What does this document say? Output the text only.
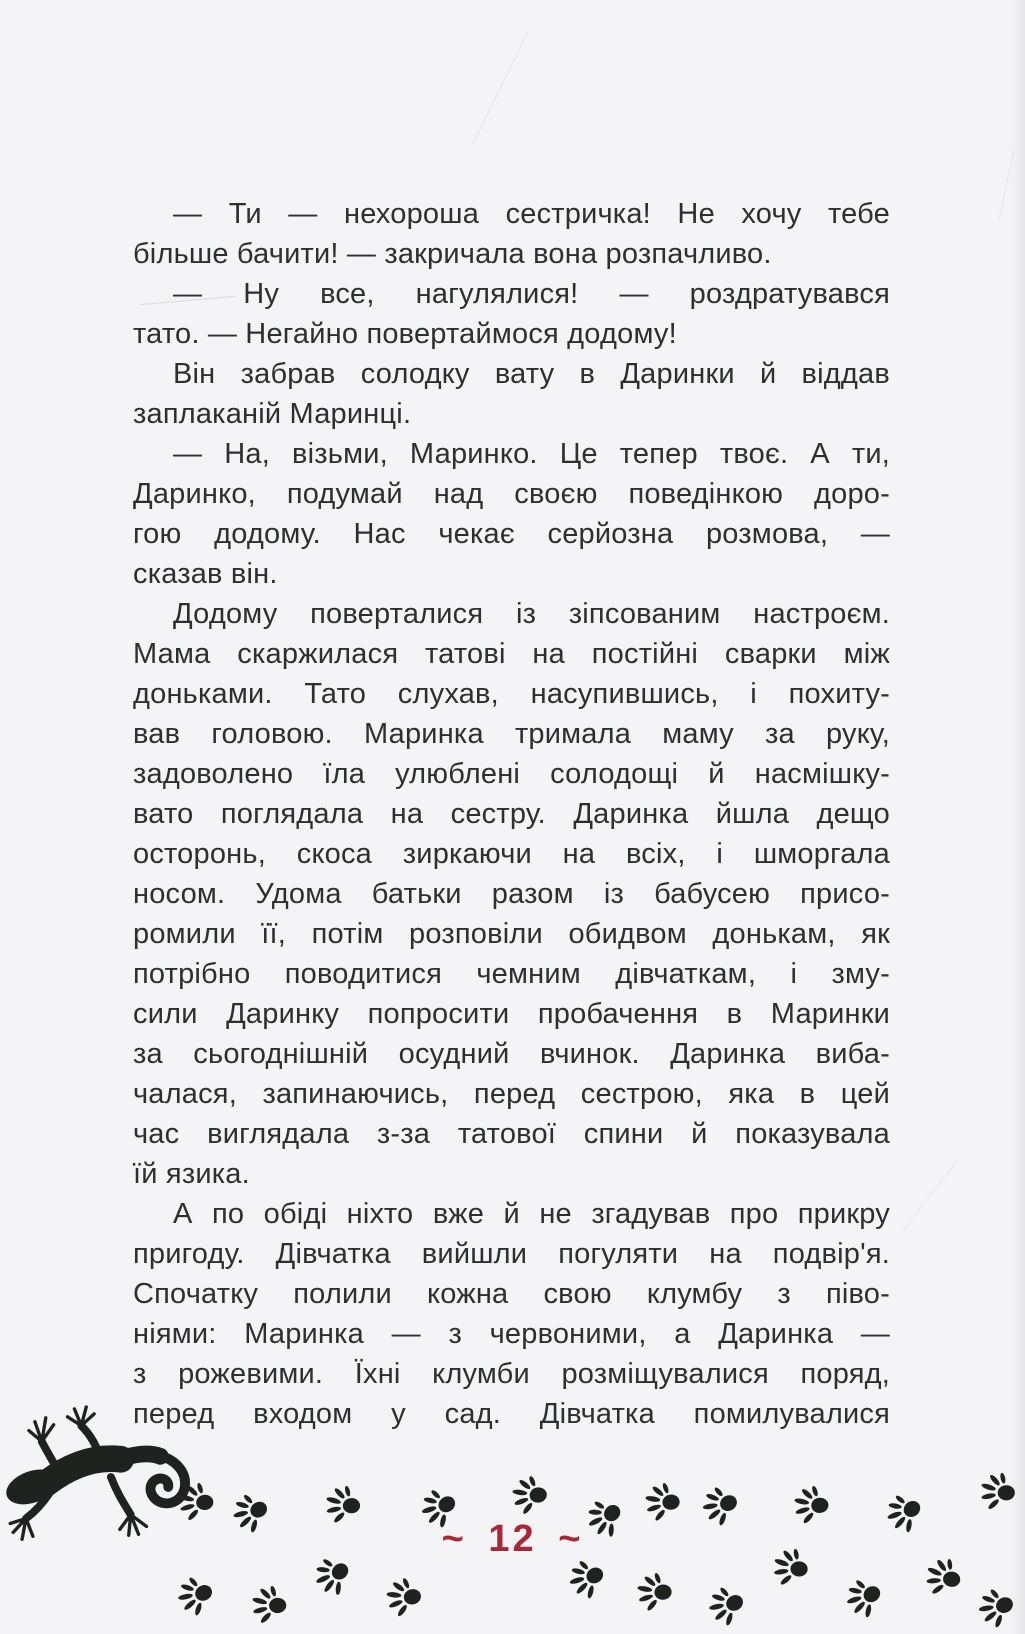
— Ти — нехороша сестричка! Не хочу тебе
більше бачити! — закричала вона розпачливо.
— Ну все, нагулялися! — роздратувався
тато. — Негайно повертаймося додому!
Він забрав солодку вату в Даринки й віддав
заплаканій Маринці.
— На, візьми, Маринко. Це тепер твоє. А ти,
Даринко, подумай над своєю поведінкою доро-
гою додому. Нас чекає серйозна розмова, —
сказав він.
Додому поверталися із зіпсованим настроєм.
Мама скаржилася татові на постійні сварки між
доньками. Тато слухав, насупившись, і похиту-
вав головою. Маринка тримала маму за руку,
задоволено їла улюблені солодощі й насмішку-
вато поглядала на сестру. Даринка йшла дещо
осторонь, скоса зиркаючи на всіх, і шморгала
носом. Удома батьки разом із бабусею присо-
ромили її, потім розповіли обидвом донькам, як
потрібно поводитися чемним дівчаткам, і зму-
сили Даринку попросити пробачення в Маринки
за сьогоднішній осудний вчинок. Даринка виба-
чалася, запинаючись, перед сестрою, яка в цей
час виглядала з-за татової спини й показувала
їй язика.
А по обіді ніхто вже й не згадував про прикру
пригоду. Дівчатка вийшли погуляти на подвір'я.
Спочатку полили кожна свою клумбу з піво-
ніями: Маринка — з червоними, а Даринка —
з рожевими. Їхні клумби розміщувалися поряд,
перед входом у сад. Дівчатка помилувалися
~ 12 ~
